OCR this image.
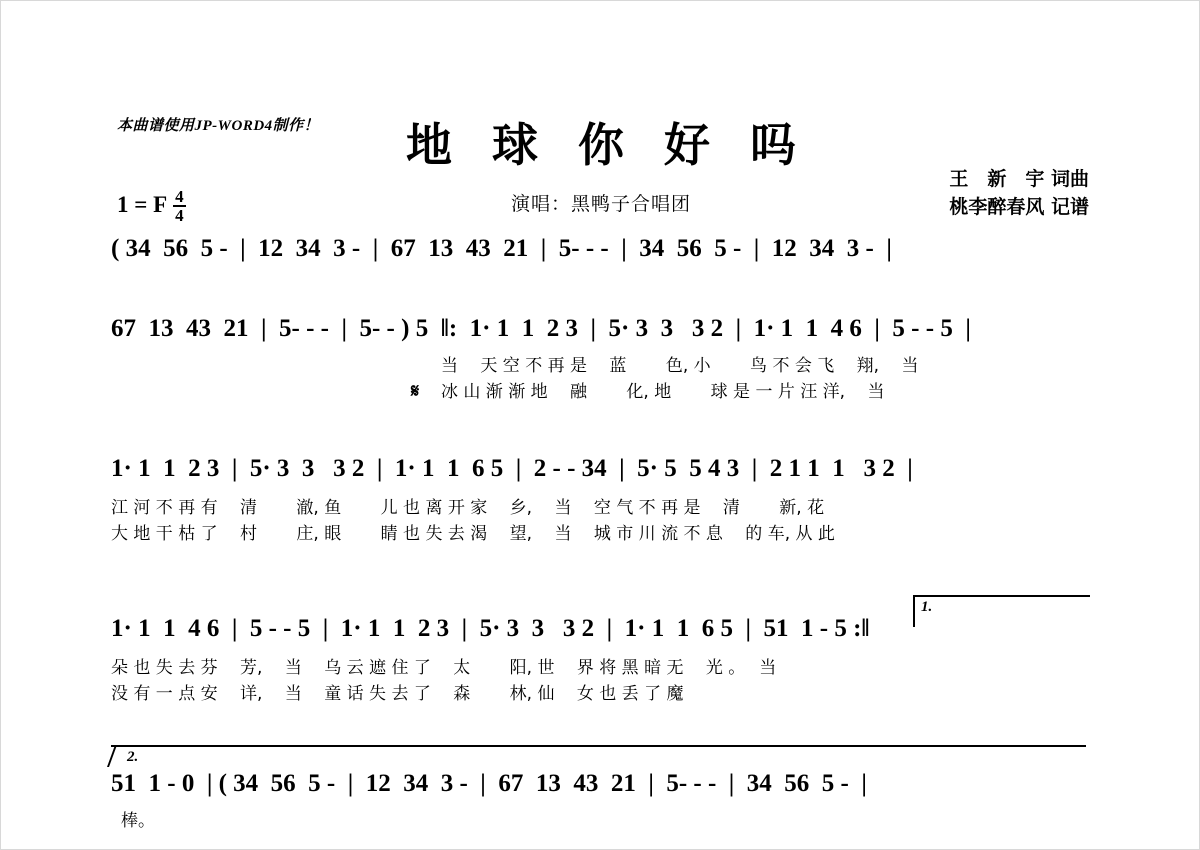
本曲谱使用JP-WORD4制作！	地 球 你 好 吗
演唱：黑鸭子合唱团
王　新　宇 词曲
桃李醉春风 记谱
1 = F $\frac{4}{4}$
( 34  56  5 -  |  12  34  3 -  |  67  13  43  21  |  5- - -  |  34  56  5 -  |  12  34  3 -  |
67  13  43  21  |  5- - -  |  5- - ) 5  ‖:  1· 1  1  2 3  |  5· 3  3   3 2  |  1· 1  1  4 6  |  5 - - 5  |
当　 天 空 不 再 是　 蓝　　 色, 小　　 鸟 不 会 飞　 翔,　 当
𝄋	冰 山 渐 渐 地　 融　　 化, 地　　 球 是 一 片 汪 洋,　 当
1· 1  1  2 3  |  5· 3  3   3 2  |  1· 1  1  6 5  |  2 - - 34  |  5· 5  5 4 3  |  2 1 1  1   3 2  |
江 河 不 再 有　 清　　 澈, 鱼　　 儿 也 离 开 家　 乡,　 当　 空 气 不 再 是　 清　　 新, 花
大 地 干 枯 了　 村　　 庄, 眼　　 睛 也 失 去 渴　 望,　 当　 城 市 川 流 不 息　 的 车, 从 此
1.
1· 1  1  4 6  |  5 - - 5  |  1· 1  1  2 3  |  5· 3  3   3 2  |  1· 1  1  6 5  |  51  1 - 5 :‖
朵 也 失 去 芬　 芳,　 当　 乌 云 遮 住 了　 太　　 阳, 世　 界 将 黑 暗 无　 光 。　 当
没 有 一 点 安　 详,　 当　 童 话 失 去 了　 森　　 林, 仙　 女 也 丢 了 魔
2.
51  1 - 0  | ( 34  56  5 -  |  12  34  3 -  |  67  13  43  21  |  5- - -  |  34  56  5 -  |
棒。
